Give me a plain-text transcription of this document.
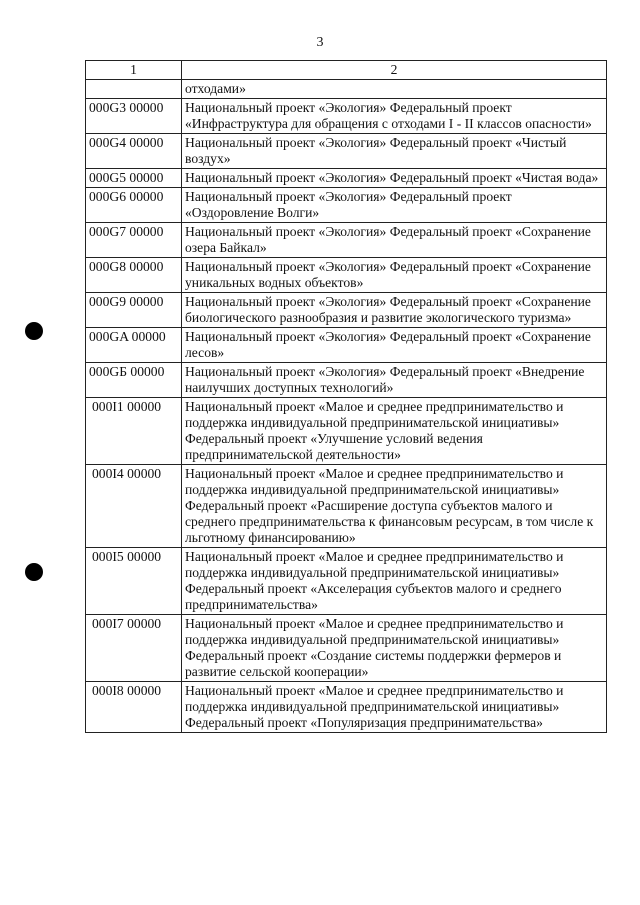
3
1	2
	отходами»
000G3 00000	Национальный проект «Экология» Федеральный проект «Инфраструктура для обращения с отходами I - II классов опасности»
000G4 00000	Национальный проект «Экология» Федеральный проект «Чистый воздух»
000G5 00000	Национальный проект «Экология» Федеральный проект «Чистая вода»
000G6 00000	Национальный проект «Экология» Федеральный проект «Оздоровление Волги»
000G7 00000	Национальный проект «Экология» Федеральный проект «Сохранение озера Байкал»
000G8 00000	Национальный проект «Экология» Федеральный проект «Сохранение уникальных водных объектов»
000G9 00000	Национальный проект «Экология» Федеральный проект «Сохранение биологического разнообразия и развитие экологического туризма»
000GA 00000	Национальный проект «Экология» Федеральный проект «Сохранение лесов»
000GБ 00000	Национальный проект «Экология» Федеральный проект «Внедрение наилучших доступных технологий»
000I1 00000	Национальный проект «Малое и среднее предпринимательство и поддержка индивидуальной предпринимательской инициативы» Федеральный проект «Улучшение условий ведения предпринимательской деятельности»
000I4 00000	Национальный проект «Малое и среднее предпринимательство и поддержка индивидуальной предпринимательской инициативы» Федеральный проект «Расширение доступа субъектов малого и среднего предпринимательства к финансовым ресурсам, в том числе к льготному финансированию»
000I5 00000	Национальный проект «Малое и среднее предпринимательство и поддержка индивидуальной предпринимательской инициативы» Федеральный проект «Акселерация субъектов малого и среднего предпринимательства»
000I7 00000	Национальный проект «Малое и среднее предпринимательство и поддержка индивидуальной предпринимательской инициативы» Федеральный проект «Создание системы поддержки фермеров и развитие сельской кооперации»
000I8 00000	Национальный проект «Малое и среднее предпринимательство и поддержка индивидуальной предпринимательской инициативы» Федеральный проект «Популяризация предпринимательства»
